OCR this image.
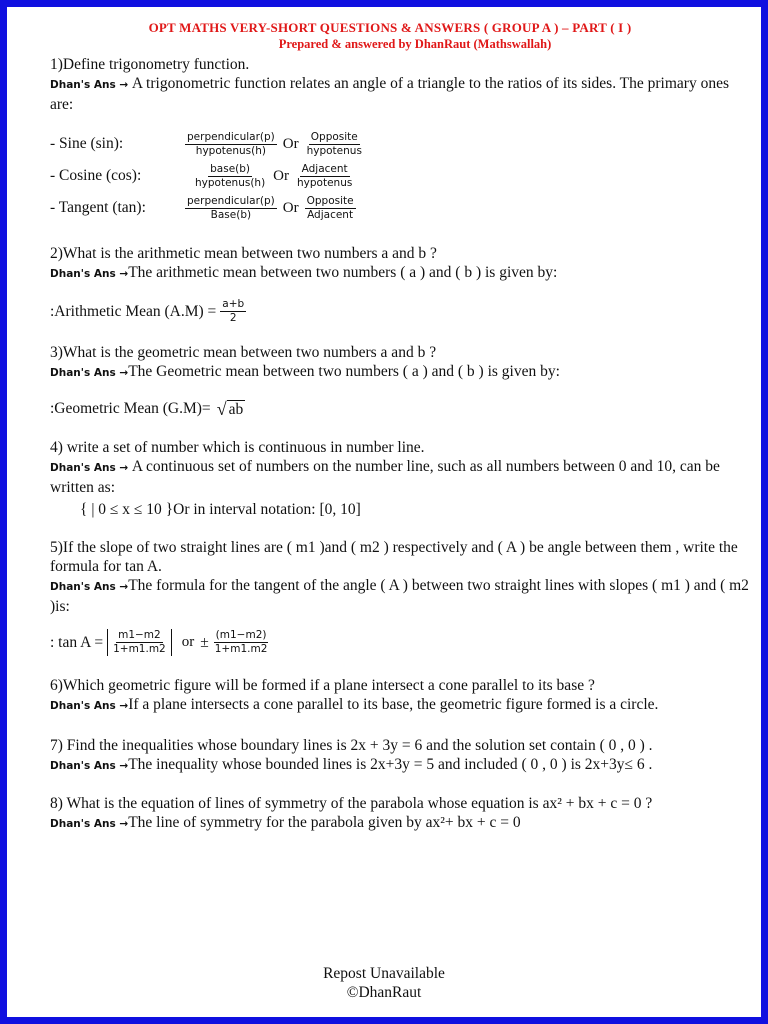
OPT MATHS VERY-SHORT QUESTIONS & ANSWERS ( GROUP A ) – PART ( I )
Prepared & answered by DhanRaut (Mathswallah)

1)Define trigonometry function.

Dhan's Ans → A trigonometric function relates an angle of a triangle to the ratios of its sides. The primary ones are:

- Sine (sin):	$\frac{\text{perpendicular(p)}}{\text{hypotenus(h)}}$ Or $\frac{\text{Opposite}}{\text{hypotenus}}$
- Cosine (cos):	$\frac{\text{base(b)}}{\text{hypotenus(h)}}$ Or $\frac{\text{Adjacent}}{\text{hypotenus}}$
- Tangent (tan):	$\frac{\text{perpendicular(p)}}{\text{Base(b)}}$ Or $\frac{\text{Opposite}}{\text{Adjacent}}$

2)What is the arithmetic mean between two numbers a and b ?

Dhan's Ans →The arithmetic mean between two numbers ( a ) and ( b ) is given by:

:Arithmetic Mean $(A.M) = \frac{a+b}{2}$

3)What is the geometric mean between two numbers a and b ?

Dhan's Ans →The Geometric mean between two numbers ( a ) and ( b ) is given by:

:Geometric Mean (G.M)= √ ab

4) write a set of number which is continuous in number line.

Dhan's Ans → A continuous set of numbers on the number line, such as all numbers between 0 and 10, can be written as:

{ | 0 ≤ x ≤ 10 }Or in interval notation: [0, 10]

5)If the slope of two straight lines are ( m1 )and ( m2 ) respectively and ( A ) be angle between them , write the formula for tan A.

Dhan's Ans →The formula for the tangent of the angle ( A ) between two straight lines with slopes ( m1 ) and ( m2 )is:

: $\tan A = \frac{m1-m2}{1+m1.m2}$ or ± $\frac{(m1-m2)}{1+m1.m2}$

6)Which geometric figure will be formed if a plane intersect a cone parallel to its base ?

Dhan's Ans →If a plane intersects a cone parallel to its base, the geometric figure formed is a circle.

7) Find the inequalities whose boundary lines is 2x + 3y = 6 and the solution set contain ( 0 , 0 ) .

Dhan's Ans →The inequality whose bounded lines is 2x+3y = 5 and included ( 0 , 0 ) is 2x+3y≤ 6 .

8) What is the equation of lines of symmetry of the parabola whose equation is ax² + bx + c = 0 ?

Dhan's Ans →The line of symmetry for the parabola given by ax²+ bx + c = 0

Repost Unavailable
©DhanRaut
